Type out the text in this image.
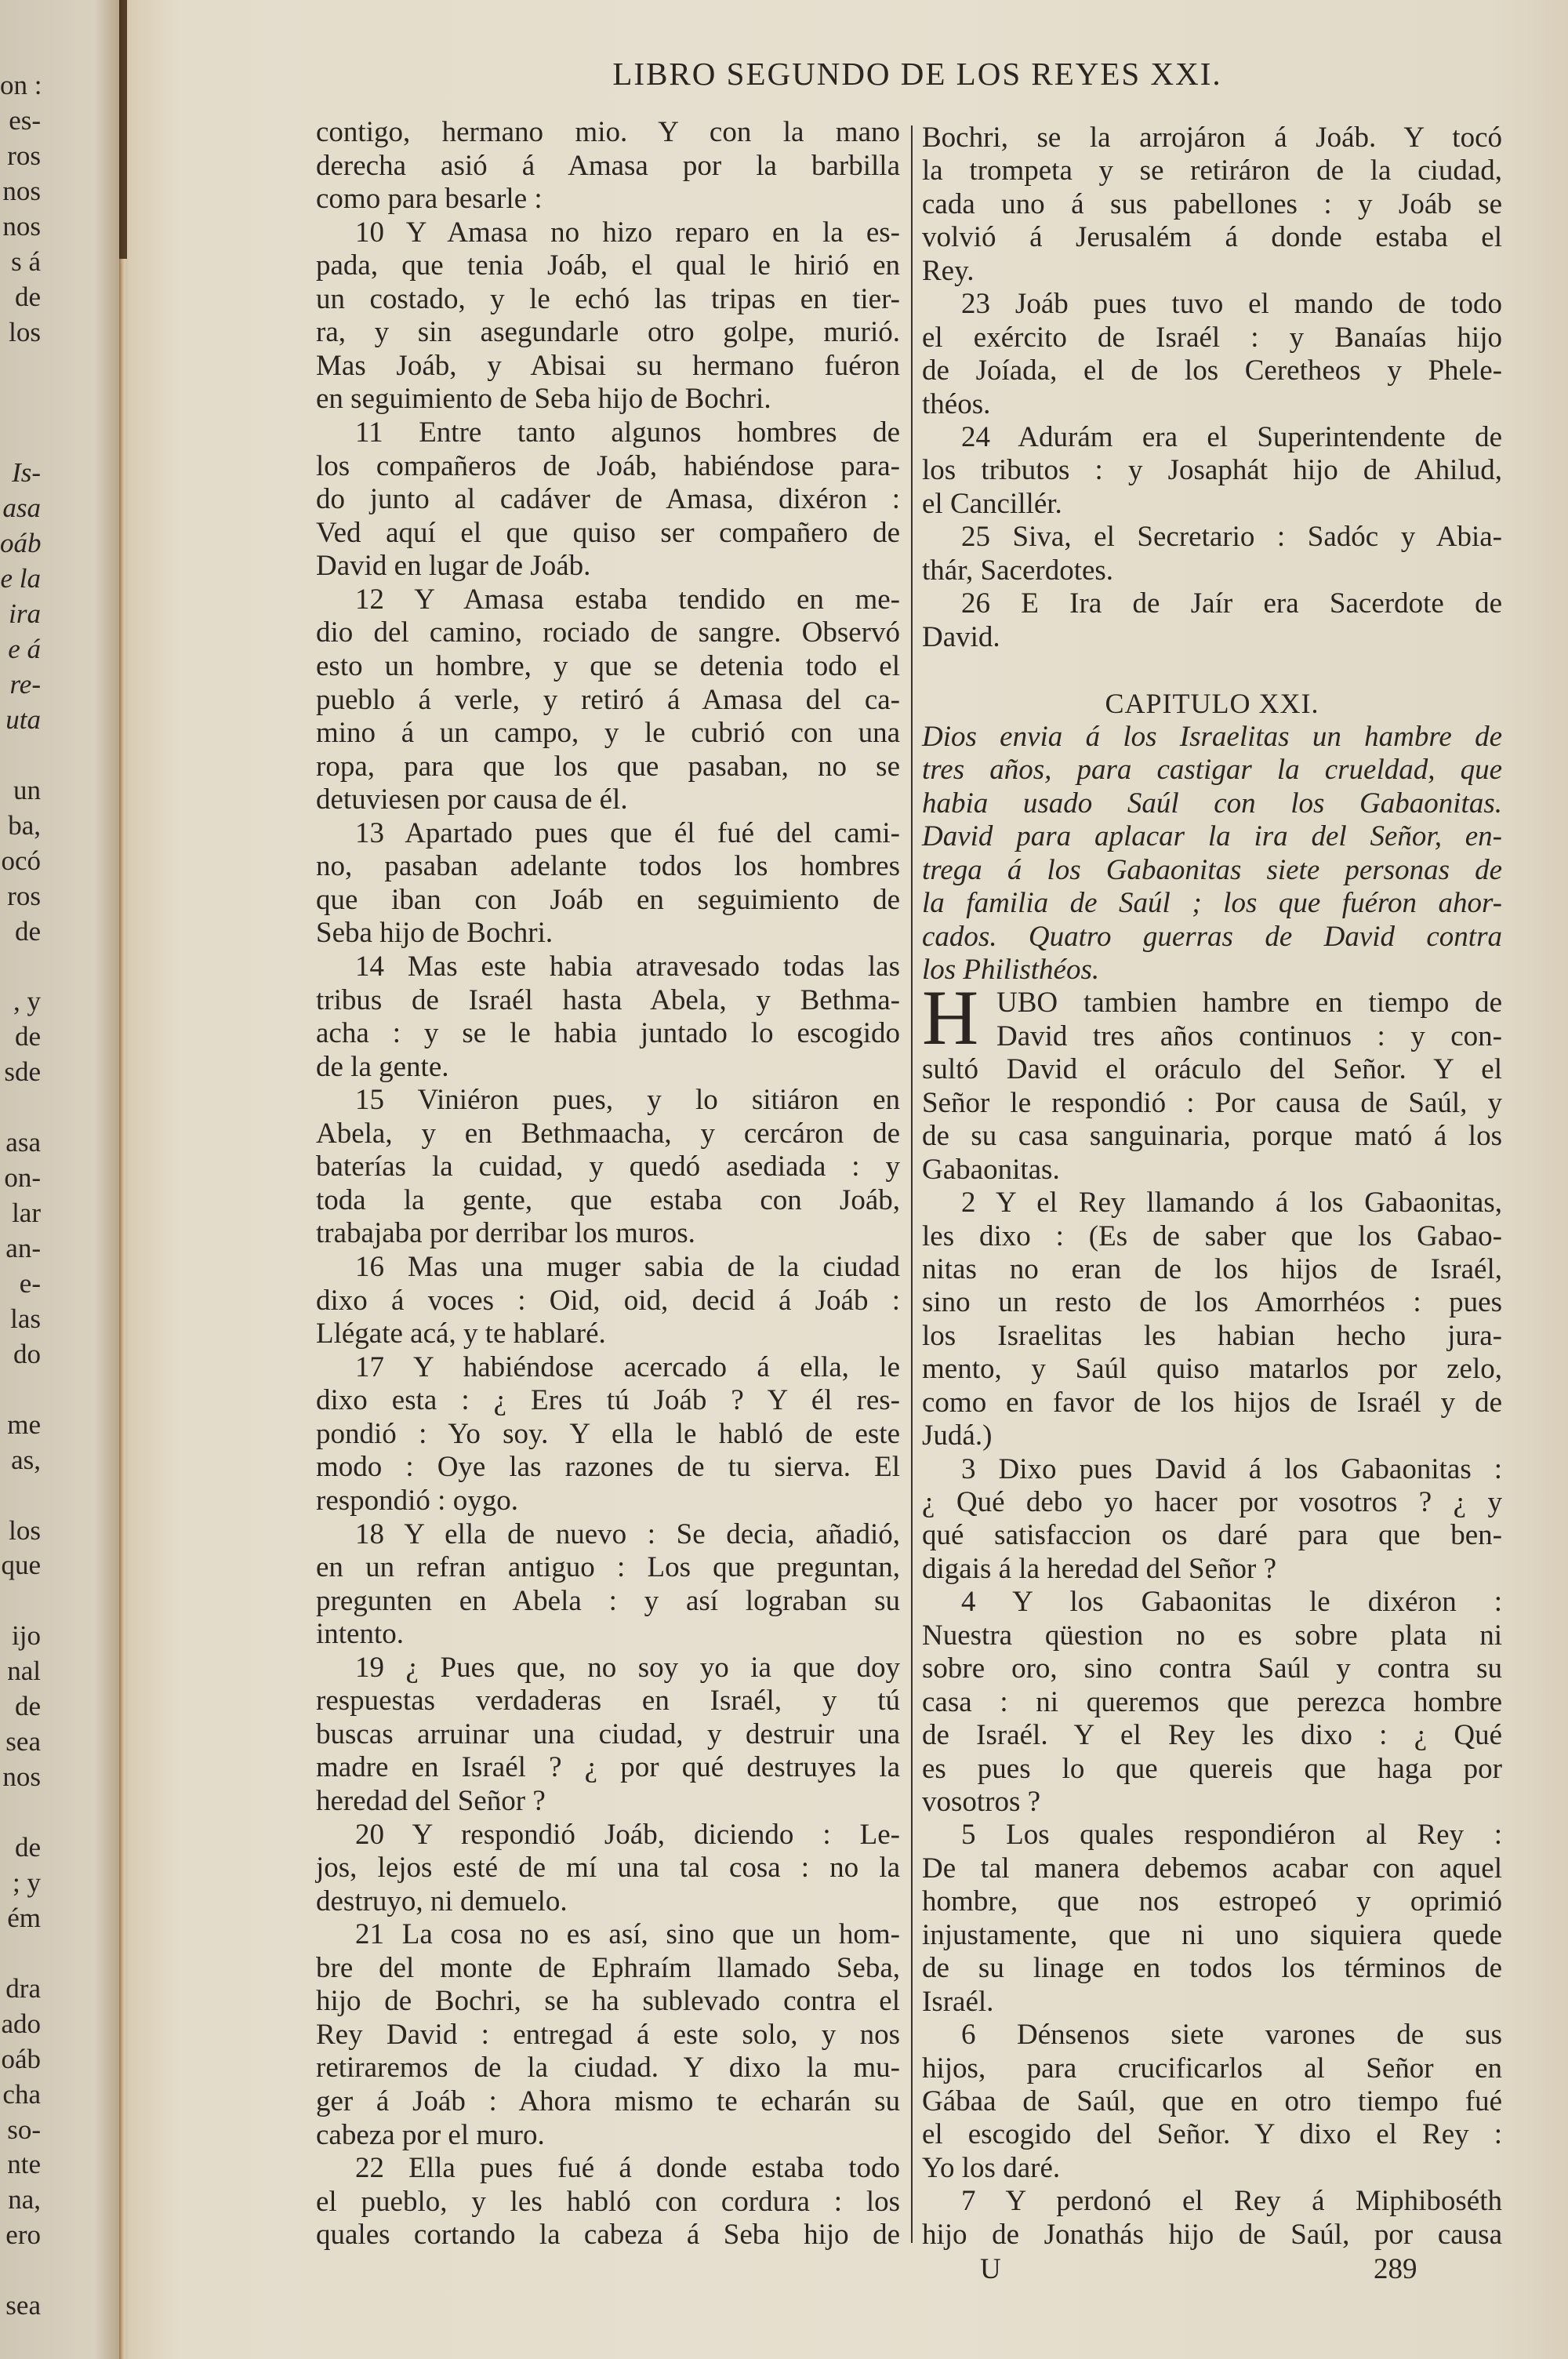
LIBRO SEGUNDO DE LOS REYES XXI.
on :
es-
ros
nos
nos
s á
de
los
Is-
asa
oáb
e la
ira
e á
re-
uta
un
ba,
ocó
ros
de
, y
de
sde
asa
on-
lar
an-
e-
las
do
me
as,
los
que
ijo
nal
de
sea
nos
de
; y
ém
dra
ado
oáb
cha
so-
nte
na,
ero
sea
contigo, hermano mio. Y con la mano
derecha asió á Amasa por la barbilla
como para besarle :
10 Y Amasa no hizo reparo en la es-
pada, que tenia Joáb, el qual le hirió en
un costado, y le echó las tripas en tier-
ra, y sin asegundarle otro golpe, murió.
Mas Joáb, y Abisai su hermano fuéron
en seguimiento de Seba hijo de Bochri.
11 Entre tanto algunos hombres de
los compañeros de Joáb, habiéndose para-
do junto al cadáver de Amasa, dixéron :
Ved aquí el que quiso ser compañero de
David en lugar de Joáb.
12 Y Amasa estaba tendido en me-
dio del camino, rociado de sangre. Observó
esto un hombre, y que se detenia todo el
pueblo á verle, y retiró á Amasa del ca-
mino á un campo, y le cubrió con una
ropa, para que los que pasaban, no se
detuviesen por causa de él.
13 Apartado pues que él fué del cami-
no, pasaban adelante todos los hombres
que iban con Joáb en seguimiento de
Seba hijo de Bochri.
14 Mas este habia atravesado todas las
tribus de Israél hasta Abela, y Bethma-
acha : y se le habia juntado lo escogido
de la gente.
15 Viniéron pues, y lo sitiáron en
Abela, y en Bethmaacha, y cercáron de
baterías la cuidad, y quedó asediada : y
toda la gente, que estaba con Joáb,
trabajaba por derribar los muros.
16 Mas una muger sabia de la ciudad
dixo á voces : Oid, oid, decid á Joáb :
Llégate acá, y te hablaré.
17 Y habiéndose acercado á ella, le
dixo esta : ¿ Eres tú Joáb ? Y él res-
pondió : Yo soy. Y ella le habló de este
modo : Oye las razones de tu sierva. El
respondió : oygo.
18 Y ella de nuevo : Se decia, añadió,
en un refran antiguo : Los que preguntan,
pregunten en Abela : y así lograban su
intento.
19 ¿ Pues que, no soy yo ia que doy
respuestas verdaderas en Israél, y tú
buscas arruinar una ciudad, y destruir una
madre en Israél ? ¿ por qué destruyes la
heredad del Señor ?
20 Y respondió Joáb, diciendo : Le-
jos, lejos esté de mí una tal cosa : no la
destruyo, ni demuelo.
21 La cosa no es así, sino que un hom-
bre del monte de Ephraím llamado Seba,
hijo de Bochri, se ha sublevado contra el
Rey David : entregad á este solo, y nos
retiraremos de la ciudad. Y dixo la mu-
ger á Joáb : Ahora mismo te echarán su
cabeza por el muro.
22 Ella pues fué á donde estaba todo
el pueblo, y les habló con cordura : los
quales cortando la cabeza á Seba hijo de
Bochri, se la arrojáron á Joáb. Y tocó
la trompeta y se retiráron de la ciudad,
cada uno á sus pabellones : y Joáb se
volvió á Jerusalém á donde estaba el
Rey.
23 Joáb pues tuvo el mando de todo
el exército de Israél : y Banaías hijo
de Joíada, el de los Ceretheos y Phele-
théos.
24 Adurám era el Superintendente de
los tributos : y Josaphát hijo de Ahilud,
el Cancillér.
25 Siva, el Secretario : Sadóc y Abia-
thár, Sacerdotes.
26 E Ira de Jaír era Sacerdote de
David.
CAPITULO XXI.
Dios envia á los Israelitas un hambre de
tres años, para castigar la crueldad, que
habia usado Saúl con los Gabaonitas.
David para aplacar la ira del Señor, en-
trega á los Gabaonitas siete personas de
la familia de Saúl ; los que fuéron ahor-
cados. Quatro guerras de David contra
los Philisthéos.
UBO tambien hambre en tiempo de
H David tres años continuos : y con-
sultó David el oráculo del Señor. Y el
Señor le respondió : Por causa de Saúl, y
de su casa sanguinaria, porque mató á los
Gabaonitas.
2 Y el Rey llamando á los Gabaonitas,
les dixo : (Es de saber que los Gabao-
nitas no eran de los hijos de Israél,
sino un resto de los Amorrhéos : pues
los Israelitas les habian hecho jura-
mento, y Saúl quiso matarlos por zelo,
como en favor de los hijos de Israél y de
Judá.)
3 Dixo pues David á los Gabaonitas :
¿ Qué debo yo hacer por vosotros ? ¿ y
qué satisfaccion os daré para que ben-
digais á la heredad del Señor ?
4 Y los Gabaonitas le dixéron :
Nuestra qüestion no es sobre plata ni
sobre oro, sino contra Saúl y contra su
casa : ni queremos que perezca hombre
de Israél. Y el Rey les dixo : ¿ Qué
es pues lo que quereis que haga por
vosotros ?
5 Los quales respondiéron al Rey :
De tal manera debemos acabar con aquel
hombre, que nos estropeó y oprimió
injustamente, que ni uno siquiera quede
de su linage en todos los términos de
Israél.
6 Dénsenos siete varones de sus
hijos, para crucificarlos al Señor en
Gábaa de Saúl, que en otro tiempo fué
el escogido del Señor. Y dixo el Rey :
Yo los daré.
7 Y perdonó el Rey á Miphiboséth
hijo de Jonathás hijo de Saúl, por causa
U	289
